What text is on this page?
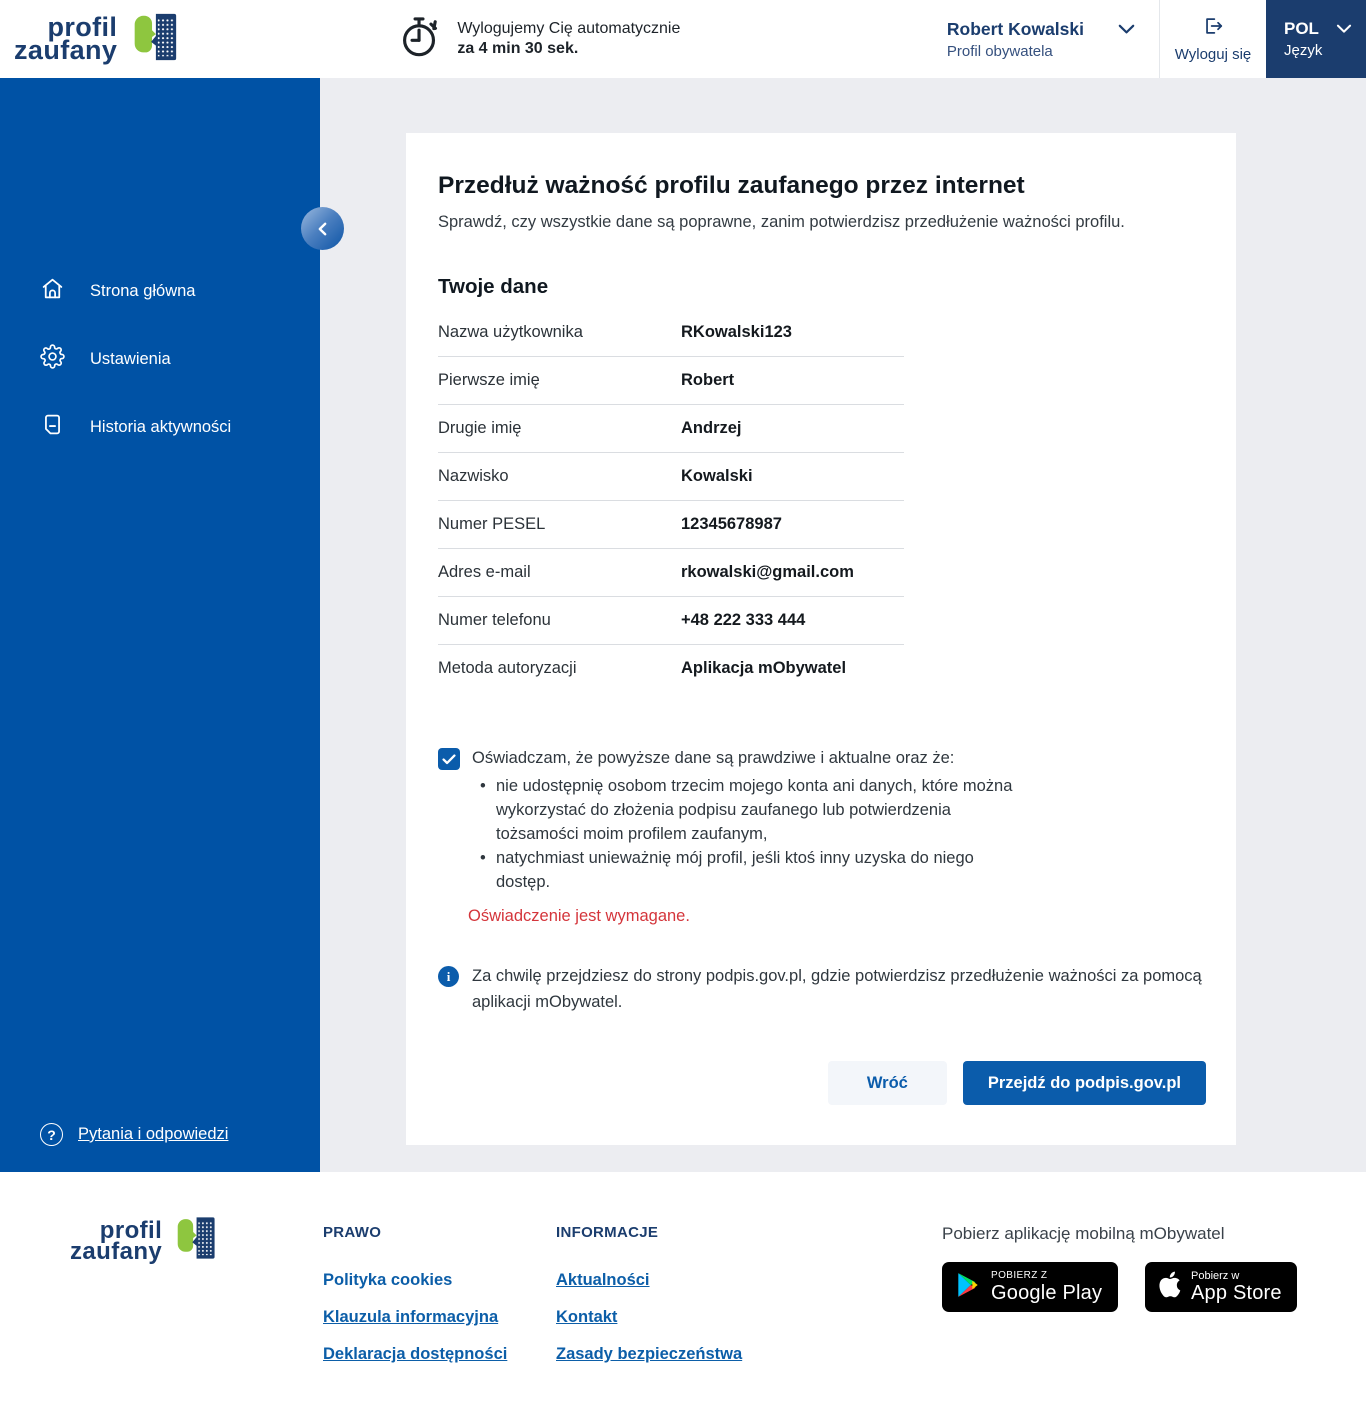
profil
zaufany
Wylogujemy Cię automatycznie
za 4 min 30 sek.
Robert Kowalski
Profil obywatela	Wyloguj się
POL
Język
Strona główna
Ustawienia
Historia aktywności
?	Pytania i odpowiedzi
Przedłuż ważność profilu zaufanego przez internet

Sprawdź, czy wszystkie dane są poprawne, zanim potwierdzisz przedłużenie ważności profilu.

Twoje dane
Nazwa użytkownika	RKowalski123
Pierwsze imię	Robert
Drugie imię	Andrzej
Nazwisko	Kowalski
Numer PESEL	12345678987
Adres e-mail	rkowalski@gmail.com
Numer telefonu	+48 222 333 444
Metoda autoryzacji	Aplikacja mObywatel

Oświadczam, że powyższe dane są prawdziwe i aktualne oraz że:

• nie udostępnię osobom trzecim mojego konta ani danych, które można wykorzystać do złożenia podpisu zaufanego lub potwierdzenia tożsamości moim profilem zaufanym,
• natychmiast unieważnię mój profil, jeśli ktoś inny uzyska do niego dostęp.

Oświadczenie jest wymagane.

i	Za chwilę przejdziesz do strony podpis.gov.pl, gdzie potwierdzisz przedłużenie ważności za pomocą aplikacji mObywatel.
Wróć	Przejdź do podpis.gov.pl
profil
zaufany
PRAWO
Polityka cookies
Klauzula informacyjna
Deklaracja dostępności
INFORMACJE
Aktualności
Kontakt
Zasady bezpieczeństwa

Pobierz aplikację mobilną mObywatel

POBIERZ Z
Google Play
Pobierz w
App Store
